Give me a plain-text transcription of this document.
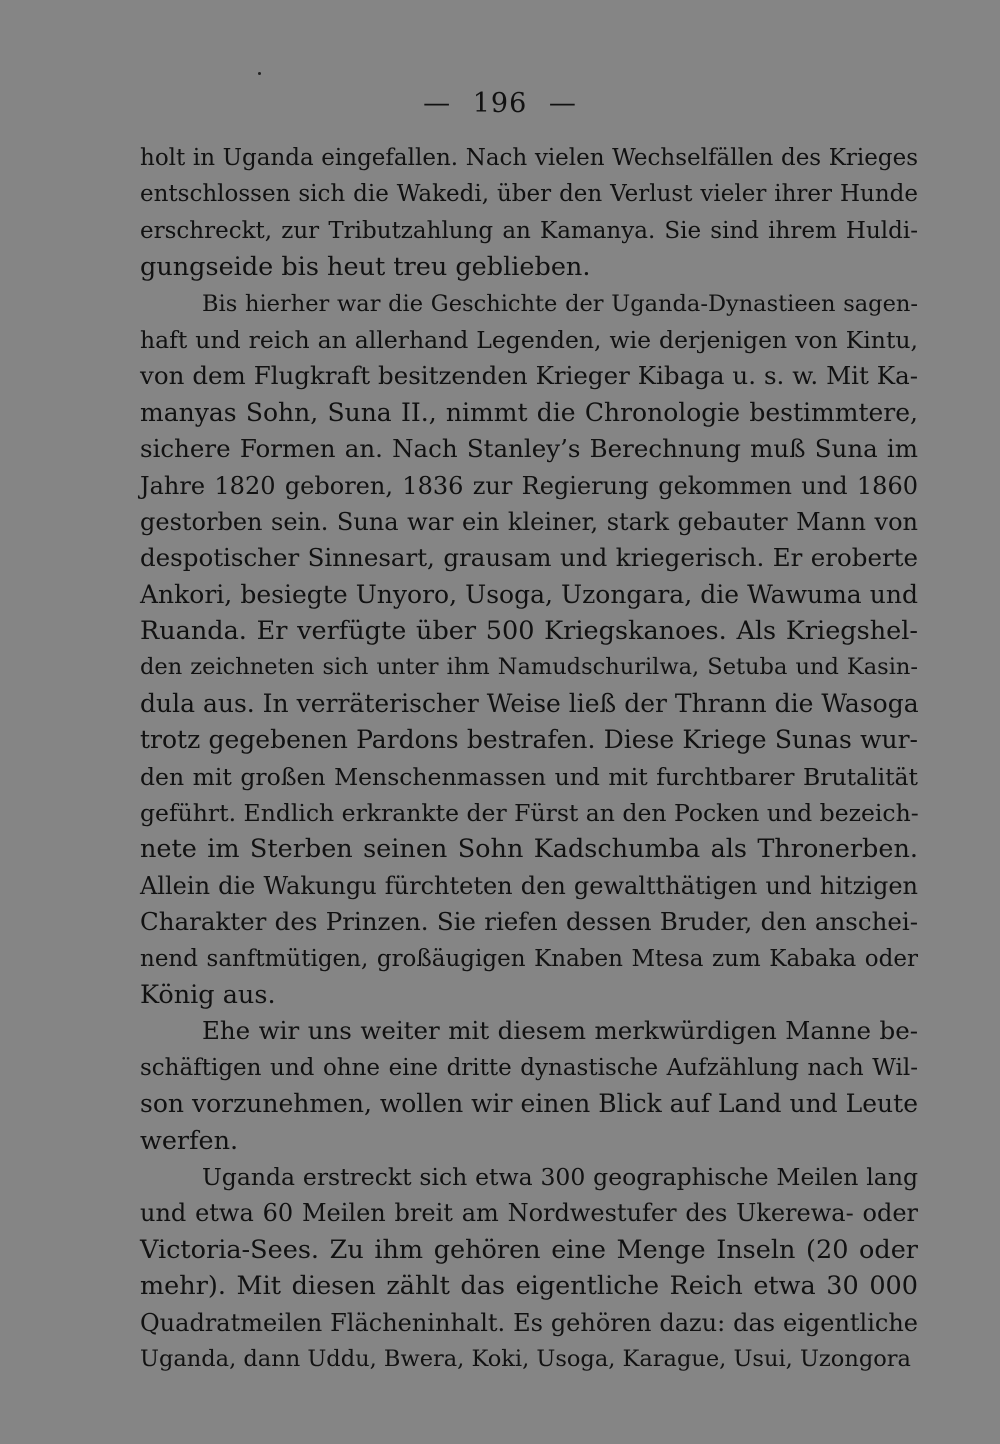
— 196 —
holt in Uganda eingefallen. Nach vielen Wechselfällen des Krieges
entschlossen sich die Wakedi, über den Verlust vieler ihrer Hunde
erschreckt, zur Tributzahlung an Kamanya. Sie sind ihrem Huldi-
gungseide bis heut treu geblieben.
Bis hierher war die Geschichte der Uganda-Dynastieen sagen-
haft und reich an allerhand Legenden, wie derjenigen von Kintu,
von dem Flugkraft besitzenden Krieger Kibaga u. s. w. Mit Ka-
manyas Sohn, Suna II., nimmt die Chronologie bestimmtere,
sichere Formen an. Nach Stanley’s Berechnung muß Suna im
Jahre 1820 geboren, 1836 zur Regierung gekommen und 1860
gestorben sein. Suna war ein kleiner, stark gebauter Mann von
despotischer Sinnesart, grausam und kriegerisch. Er eroberte
Ankori, besiegte Unyoro, Usoga, Uzongara, die Wawuma und
Ruanda. Er verfügte über 500 Kriegskanoes. Als Kriegshel-
den zeichneten sich unter ihm Namudschurilwa, Setuba und Kasin-
dula aus. In verräterischer Weise ließ der Thrann die Wasoga
trotz gegebenen Pardons bestrafen. Diese Kriege Sunas wur-
den mit großen Menschenmassen und mit furchtbarer Brutalität
geführt. Endlich erkrankte der Fürst an den Pocken und bezeich-
nete im Sterben seinen Sohn Kadschumba als Thronerben.
Allein die Wakungu fürchteten den gewaltthätigen und hitzigen
Charakter des Prinzen. Sie riefen dessen Bruder, den anschei-
nend sanftmütigen, großäugigen Knaben Mtesa zum Kabaka oder
König aus.
Ehe wir uns weiter mit diesem merkwürdigen Manne be-
schäftigen und ohne eine dritte dynastische Aufzählung nach Wil-
son vorzunehmen, wollen wir einen Blick auf Land und Leute
werfen.
Uganda erstreckt sich etwa 300 geographische Meilen lang
und etwa 60 Meilen breit am Nordwestufer des Ukerewa- oder
Victoria-Sees. Zu ihm gehören eine Menge Inseln (20 oder
mehr). Mit diesen zählt das eigentliche Reich etwa 30 000
Quadratmeilen Flächeninhalt. Es gehören dazu: das eigentliche
Uganda, dann Uddu, Bwera, Koki, Usoga, Karague, Usui, Uzongora
